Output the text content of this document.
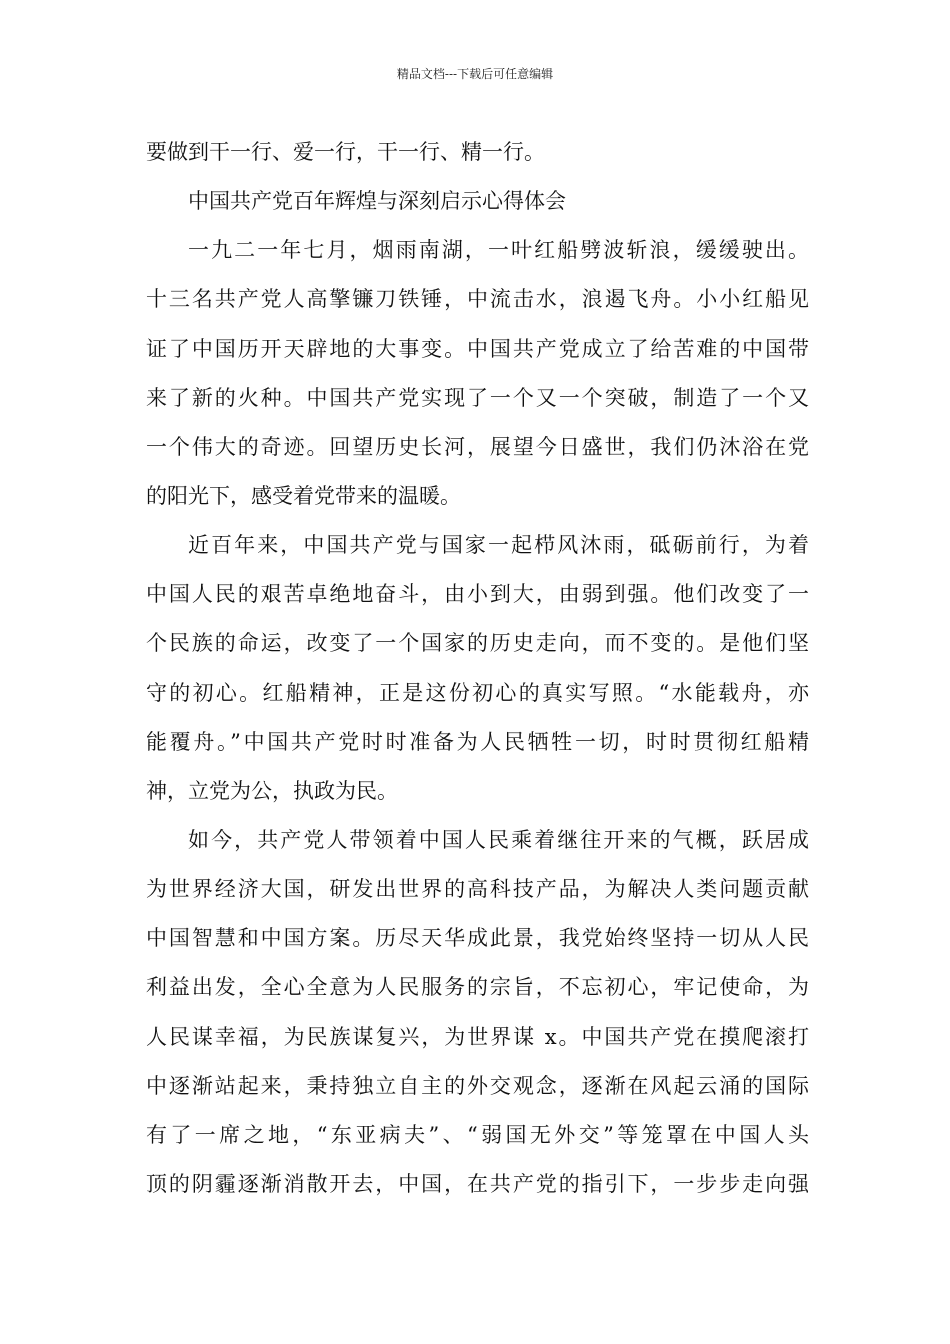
精品文档---下载后可任意编辑
要做到干一行、爱一行，干一行、精一行。
中国共产党百年辉煌与深刻启示心得体会
一九二一年七月，烟雨南湖，一叶红船劈波斩浪，缓缓驶出。
十三名共产党人高擎镰刀铁锤，中流击水，浪遏飞舟。小小红船见
证了中国历开天辟地的大事变。中国共产党成立了给苦难的中国带
来了新的火种。中国共产党实现了一个又一个突破，制造了一个又
一个伟大的奇迹。回望历史长河，展望今日盛世，我们仍沐浴在党
的阳光下，感受着党带来的温暖。
近百年来，中国共产党与国家一起栉风沐雨，砥砺前行，为着
中国人民的艰苦卓绝地奋斗，由小到大，由弱到强。他们改变了一
个民族的命运，改变了一个国家的历史走向，而不变的。是他们坚
守的初心。红船精神，正是这份初心的真实写照。“水能载舟，亦
能覆舟。”中国共产党时时准备为人民牺牲一切，时时贯彻红船精
神，立党为公，执政为民。
如今，共产党人带领着中国人民乘着继往开来的气概，跃居成
为世界经济大国，研发出世界的高科技产品，为解决人类问题贡献
中国智慧和中国方案。历尽天华成此景，我党始终坚持一切从人民
利益出发，全心全意为人民服务的宗旨，不忘初心，牢记使命，为
人民谋幸福，为民族谋复兴，为世界谋 x。中国共产党在摸爬滚打
中逐渐站起来，秉持独立自主的外交观念，逐渐在风起云涌的国际
有了一席之地，“东亚病夫”、“弱国无外交”等笼罩在中国人头
顶的阴霾逐渐消散开去，中国，在共产党的指引下，一步步走向强
